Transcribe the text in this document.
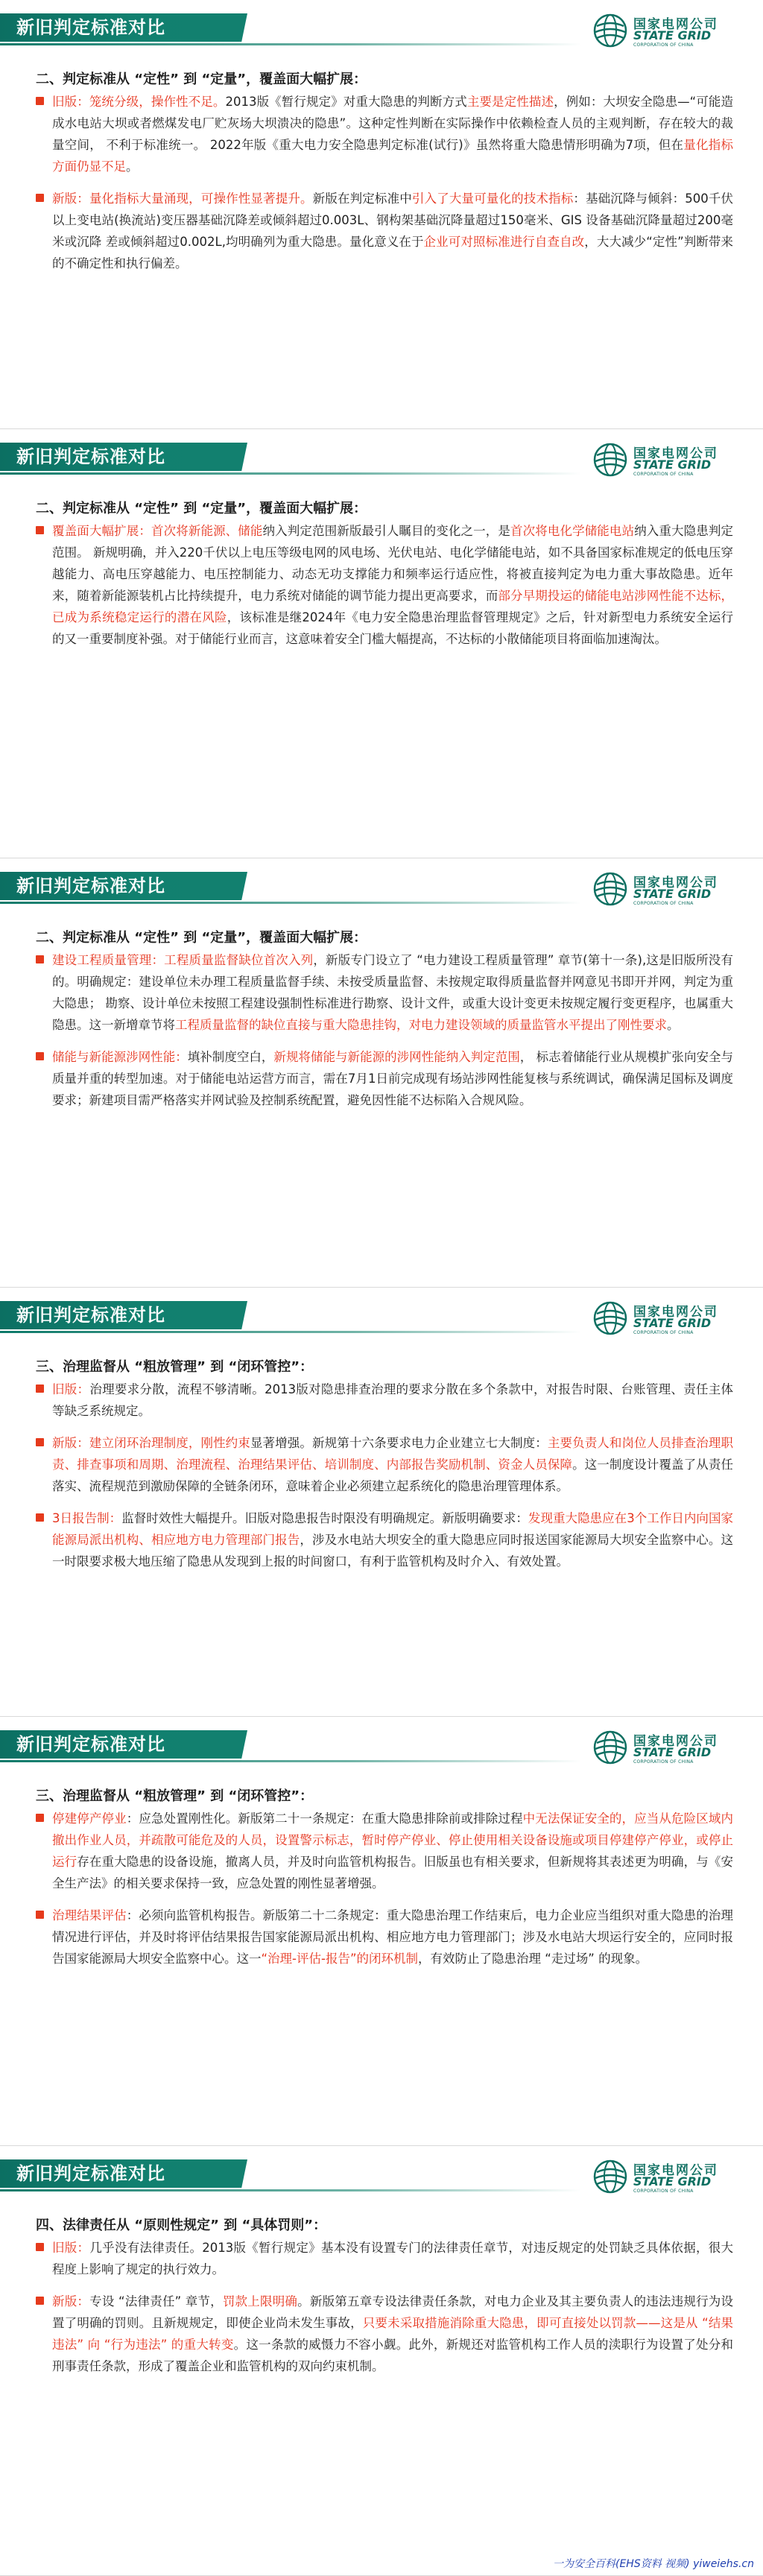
新旧判定标准对比	国家电网公司
STATE GRID
CORPORATION OF CHINA
二、判定标准从 “定性” 到 “定量”，覆盖面大幅扩展：
旧版：笼统分级，操作性不足。2013版《暂行规定》对重大隐患的判断方式主要是定性描述，例如：大坝安全隐患—“可能造成水电站大坝或者燃煤发电厂贮灰场大坝溃决的隐患”。这种定性判断在实际操作中依赖检查人员的主观判断，存在较大的裁量空间， 不利于标准统一。 2022年版《重大电力安全隐患判定标准(试行)》虽然将重大隐患情形明确为7项，但在量化指标方面仍显不足。
新版：量化指标大量涌现，可操作性显著提升。新版在判定标准中引入了大量可量化的技术指标：基础沉降与倾斜：500千伏以上变电站(换流站)变压器基础沉降差或倾斜超过0.003L、钢构架基础沉降量超过150毫米、GIS 设备基础沉降量超过200毫米或沉降 差或倾斜超过0.002L,均明确列为重大隐患。量化意义在于企业可对照标准进行自查自改，大大减少“定性”判断带来的不确定性和执行偏差。
新旧判定标准对比	国家电网公司
STATE GRID
CORPORATION OF CHINA
二、判定标准从 “定性” 到 “定量”，覆盖面大幅扩展：
覆盖面大幅扩展：首次将新能源、储能纳入判定范围新版最引人瞩目的变化之一，是首次将电化学储能电站纳入重大隐患判定范围。 新规明确，并入220千伏以上电压等级电网的风电场、光伏电站、电化学储能电站，如不具备国家标准规定的低电压穿越能力、高电压穿越能力、电压控制能力、动态无功支撑能力和频率运行适应性，将被直接判定为电力重大事故隐患。近年来，随着新能源装机占比持续提升，电力系统对储能的调节能力提出更高要求，而部分早期投运的储能电站涉网性能不达标，已成为系统稳定运行的潜在风险，该标准是继2024年《电力安全隐患治理监督管理规定》之后，针对新型电力系统安全运行的又一重要制度补强。对于储能行业而言，这意味着安全门槛大幅提高，不达标的小散储能项目将面临加速淘汰。
新旧判定标准对比	国家电网公司
STATE GRID
CORPORATION OF CHINA
二、判定标准从 “定性” 到 “定量”，覆盖面大幅扩展：
建设工程质量管理：工程质量监督缺位首次入列，新版专门设立了 “电力建设工程质量管理” 章节(第十一条),这是旧版所没有的。明确规定：建设单位未办理工程质量监督手续、未按受质量监督、未按规定取得质量监督并网意见书即开并网，判定为重大隐患； 勘察、设计单位未按照工程建设强制性标准进行勘察、设计文件，或重大设计变更未按规定履行变更程序，也属重大隐患。这一新增章节将工程质量监督的缺位直接与重大隐患挂钩，对电力建设领域的质量监管水平提出了刚性要求。
储能与新能源涉网性能：填补制度空白，新规将储能与新能源的涉网性能纳入判定范围， 标志着储能行业从规模扩张向安全与质量并重的转型加速。对于储能电站运营方而言，需在7月1日前完成现有场站涉网性能复核与系统调试，确保满足国标及调度要求；新建项目需严格落实并网试验及控制系统配置，避免因性能不达标陷入合规风险。
新旧判定标准对比	国家电网公司
STATE GRID
CORPORATION OF CHINA
三、治理监督从 “粗放管理” 到 “闭环管控”：
旧版：治理要求分散，流程不够清晰。2013版对隐患排查治理的要求分散在多个条款中，对报告时限、台账管理、责任主体等缺乏系统规定。
新版：建立闭环治理制度，刚性约束显著增强。新规第十六条要求电力企业建立七大制度：主要负责人和岗位人员排查治理职责、排查事项和周期、治理流程、治理结果评估、培训制度、内部报告奖励机制、资金人员保障。这一制度设计覆盖了从责任落实、流程规范到激励保障的全链条闭环，意味着企业必须建立起系统化的隐患治理管理体系。
3日报告制：监督时效性大幅提升。旧版对隐患报告时限没有明确规定。新版明确要求：发现重大隐患应在3个工作日内向国家能源局派出机构、相应地方电力管理部门报告，涉及水电站大坝安全的重大隐患应同时报送国家能源局大坝安全监察中心。这一时限要求极大地压缩了隐患从发现到上报的时间窗口，有利于监管机构及时介入、有效处置。
新旧判定标准对比	国家电网公司
STATE GRID
CORPORATION OF CHINA
三、治理监督从 “粗放管理” 到 “闭环管控”：
停建停产停业：应急处置刚性化。新版第二十一条规定：在重大隐患排除前或排除过程中无法保证安全的，应当从危险区域内撤出作业人员，并疏散可能危及的人员，设置警示标志，暂时停产停业、停止使用相关设备设施或项目停建停产停业，或停止运行存在重大隐患的设备设施，撤离人员，并及时向监管机构报告。旧版虽也有相关要求，但新规将其表述更为明确，与《安全生产法》的相关要求保持一致，应急处置的刚性显著增强。
治理结果评估：必须向监管机构报告。新版第二十二条规定：重大隐患治理工作结束后，电力企业应当组织对重大隐患的治理情况进行评估，并及时将评估结果报告国家能源局派出机构、相应地方电力管理部门；涉及水电站大坝运行安全的，应同时报告国家能源局大坝安全监察中心。这一“治理-评估-报告”的闭环机制，有效防止了隐患治理 “走过场” 的现象。
新旧判定标准对比	国家电网公司
STATE GRID
CORPORATION OF CHINA
四、法律责任从 “原则性规定” 到 “具体罚则”：
旧版：几乎没有法律责任。2013版《暂行规定》基本没有设置专门的法律责任章节，对违反规定的处罚缺乏具体依据，很大程度上影响了规定的执行效力。
新版：专设 “法律责任” 章节，罚款上限明确。新版第五章专设法律责任条款，对电力企业及其主要负责人的违法违规行为设置了明确的罚则。且新规规定，即使企业尚未发生事故，只要未采取措施消除重大隐患，即可直接处以罚款——这是从 “结果违法” 向 “行为违法” 的重大转变。这一条款的威慑力不容小觑。此外，新规还对监管机构工作人员的渎职行为设置了处分和刑事责任条款，形成了覆盖企业和监管机构的双向约束机制。
一为安全百科(EHS资料 视频) yiweiehs.cn
